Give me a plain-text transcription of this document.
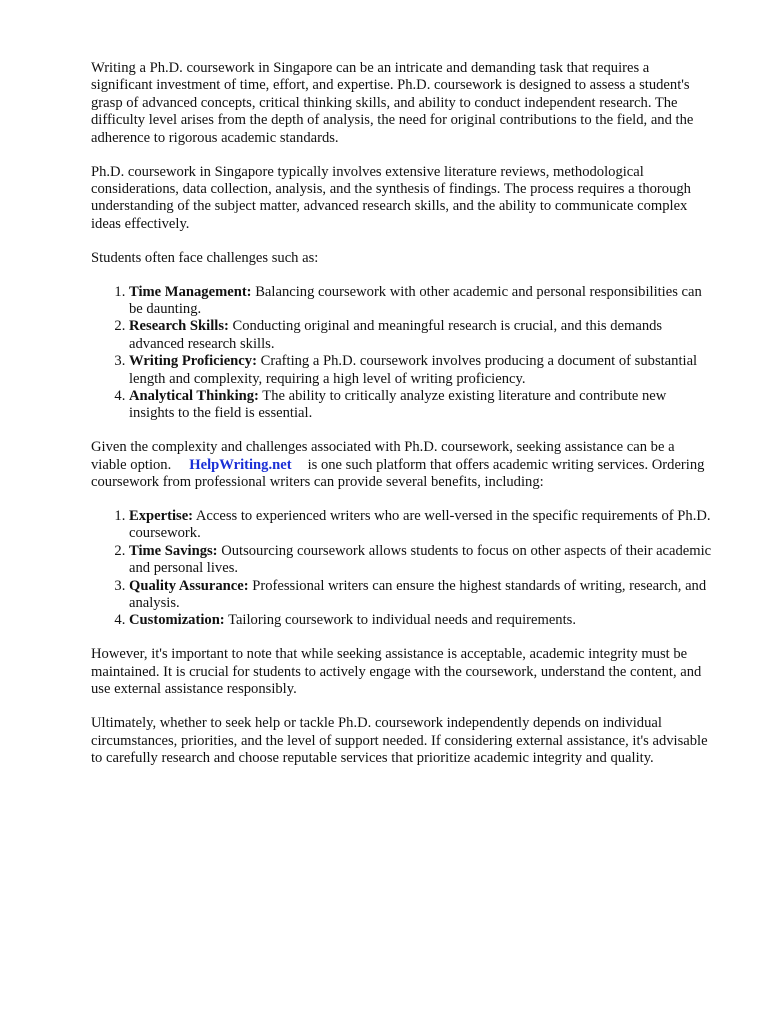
Writing a Ph.D. coursework in Singapore can be an intricate and demanding task that requires a significant investment of time, effort, and expertise. Ph.D. coursework is designed to assess a student's grasp of advanced concepts, critical thinking skills, and ability to conduct independent research. The difficulty level arises from the depth of analysis, the need for original contributions to the field, and the adherence to rigorous academic standards.

Ph.D. coursework in Singapore typically involves extensive literature reviews, methodological considerations, data collection, analysis, and the synthesis of findings. The process requires a thorough understanding of the subject matter, advanced research skills, and the ability to communicate complex ideas effectively.

Students often face challenges such as:

1. Time Management: Balancing coursework with other academic and personal responsibilities can be daunting.
2. Research Skills: Conducting original and meaningful research is crucial, and this demands advanced research skills.
3. Writing Proficiency: Crafting a Ph.D. coursework involves producing a document of substantial length and complexity, requiring a high level of writing proficiency.
4. Analytical Thinking: The ability to critically analyze existing literature and contribute new insights to the field is essential.

Given the complexity and challenges associated with Ph.D. coursework, seeking assistance can be a viable option. HelpWriting.net is one such platform that offers academic writing services. Ordering coursework from professional writers can provide several benefits, including:

1. Expertise: Access to experienced writers who are well-versed in the specific requirements of Ph.D. coursework.
2. Time Savings: Outsourcing coursework allows students to focus on other aspects of their academic and personal lives.
3. Quality Assurance: Professional writers can ensure the highest standards of writing, research, and analysis.
4. Customization: Tailoring coursework to individual needs and requirements.

However, it's important to note that while seeking assistance is acceptable, academic integrity must be maintained. It is crucial for students to actively engage with the coursework, understand the content, and use external assistance responsibly.

Ultimately, whether to seek help or tackle Ph.D. coursework independently depends on individual circumstances, priorities, and the level of support needed. If considering external assistance, it's advisable to carefully research and choose reputable services that prioritize academic integrity and quality.
